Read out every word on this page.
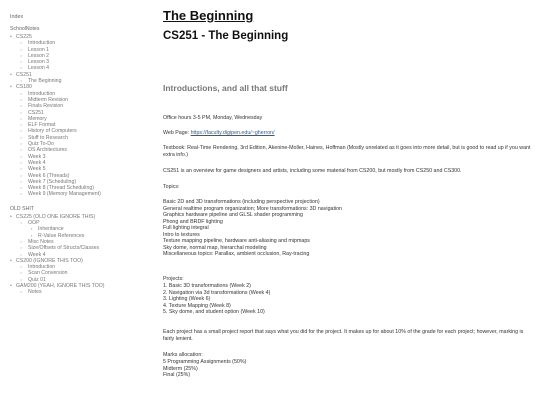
Index
SchoolNotes
• CS225
○ Introduction
○ Lesson 1
○ Lesson 2
○ Lesson 3
○ Lesson 4
• CS251
○ The Beginning
• CS180
○ Introduction
○ Midterm Revision
○ Finals Revision
○ CS251
○ Memory
○ ELF Format
○ History of Computers
○ Stuff to Research
○ Quiz To-Do
○ OS Architectures
○ Week 3
○ Week 4
○ Week 5
○ Week 6 (Threads)
○ Week 7 (Scheduling)
○ Week 8 (Thread Scheduling)
○ Week 9 (Memory Management)
OLD SHIT
• CS225 (OLD ONE IGNORE THIS)
○ OOP
▪ Inheritance
▪ R-Value References
○ Misc Notes
○ Size/Offsets of Structs/Classes
○ Week 4
• CS200 (IGNORE THIS TOO)
○ Introduction
○ Scan Conversion
○ Quiz 01
• GAM200 (YEAH, IGNORE THIS TOO)
○ Notes
The Beginning
CS251 - The Beginning
Introductions, and all that stuff

Office hours 3-5 PM, Monday, Wednesday

Web Page: https://faculty.digipen.edu/~gherron/

Textbook: Real-Time Rendering, 3rd Edition, Akenine-Moller, Haines, Hoffman (Mostly unrelated as it goes into more detail, but is good to read up if you want extra info.)

CS251 is an overview for game designers and artists, including some material from CS200, but mostly from CS250 and CS300.

Topics:

Basic 2D and 3D transformations (including perspective projection)
General realtime program organization; More transformations: 3D navigation
Graphics hardware pipeline and GLSL shader programming
Phong and BRDF lighting
Full lighting integral
Intro to textures
Texture mapping pipeline, hardware anti-aliasing and mipmaps
Sky dome, normal map, hierarchal modeling
Miscellaneous topics: Parallax, ambient occlusion, Ray-tracing

Projects:

1. Basic 3D transformations (Week 2)
2. Navigation via 3d transformations (Week 4)
3. Lighting (Week 6)
4. Texture Mapping (Week 8)
5. Sky dome, and student option (Week 10)

Each project has a small project report that says what you did for the project. It makes up for about 10% of the grade for each project; however, marking is fairly lenient.

Marks allocation:

5 Programming Assignments (50%)
Midterm (25%)
Final (25%)
